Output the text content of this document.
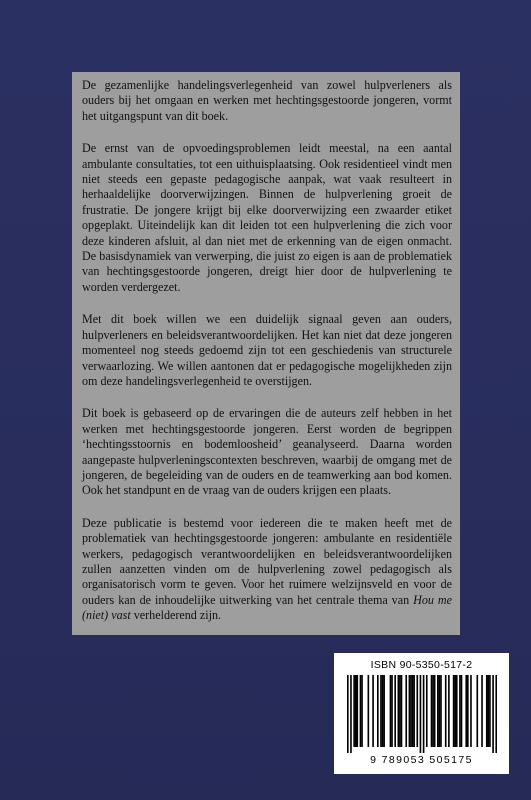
De gezamenlijke handelingsverlegenheid van zowel hulpverleners als ouders bij het omgaan en werken met hechtingsgestoorde jongeren, vormt het uitgangspunt van dit boek.

De ernst van de opvoedingsproblemen leidt meestal, na een aantal ambulante consultaties, tot een uithuisplaatsing. Ook residentieel vindt men niet steeds een gepaste pedagogische aanpak, wat vaak resulteert in herhaaldelijke doorverwijzingen. Binnen de hulpverlening groeit de frustratie. De jongere krijgt bij elke doorverwijzing een zwaarder etiket opgeplakt. Uiteindelijk kan dit leiden tot een hulpverlening die zich voor deze kinderen afsluit, al dan niet met de erkenning van de eigen onmacht. De basisdynamiek van verwerping, die juist zo eigen is aan de problematiek van hechtingsgestoorde jongeren, dreigt hier door de hulpverlening te worden verdergezet.

Met dit boek willen we een duidelijk signaal geven aan ouders, hulpverleners en beleidsverantwoordelijken. Het kan niet dat deze jongeren momenteel nog steeds gedoemd zijn tot een geschiedenis van structurele verwaarlozing. We willen aantonen dat er pedagogische mogelijkheden zijn om deze handelingsverlegenheid te overstijgen.

Dit boek is gebaseerd op de ervaringen die de auteurs zelf hebben in het werken met hechtingsgestoorde jongeren. Eerst worden de begrippen ‘hechtingsstoornis en bodemloosheid’ geanalyseerd. Daarna worden aangepaste hulpverleningscontexten beschreven, waarbij de omgang met de jongeren, de begeleiding van de ouders en de teamwerking aan bod komen. Ook het standpunt en de vraag van de ouders krijgen een plaats.

Deze publicatie is bestemd voor iedereen die te maken heeft met de problematiek van hechtingsgestoorde jongeren: ambulante en residentiële werkers, pedagogisch verantwoordelijken en beleidsverantwoordelijken zullen aanzetten vinden om de hulpverlening zowel pedagogisch als organisatorisch vorm te geven. Voor het ruimere welzijnsveld en voor de ouders kan de inhoudelijke uitwerking van het centrale thema van Hou me (niet) vast verhelderend zijn.

ISBN 90-5350-517-2
9 789053 505175
